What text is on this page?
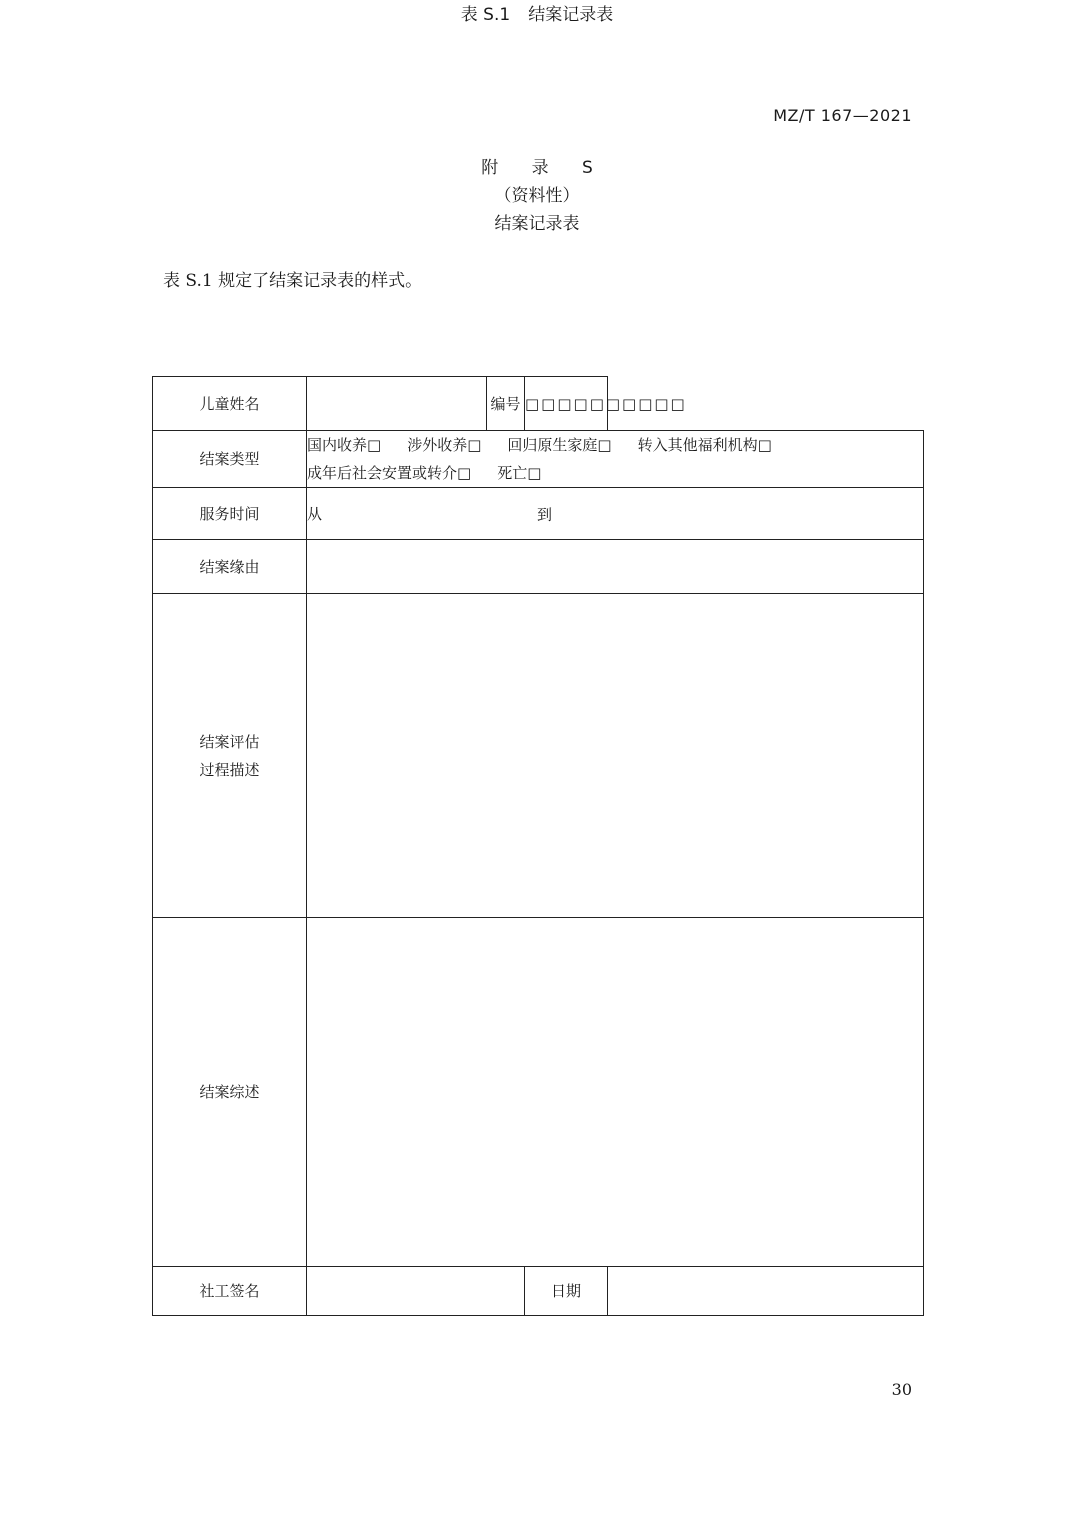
MZ/T 167—2021
附 录 S
（资料性）
结案记录表
表 S.1 规定了结案记录表的样式。
表 S.1 结案记录表
儿童姓名		编号	□□□□□□□□□□	
结案类型	国内收养□ 涉外收养□ 回归原生家庭□ 转入其他福利机构□成年后社会安置或转介□ 死亡□			
服务时间	从 到			

结案缘由				

结案评估
过程描述				

结案综述				
社工签名			日期	
30
